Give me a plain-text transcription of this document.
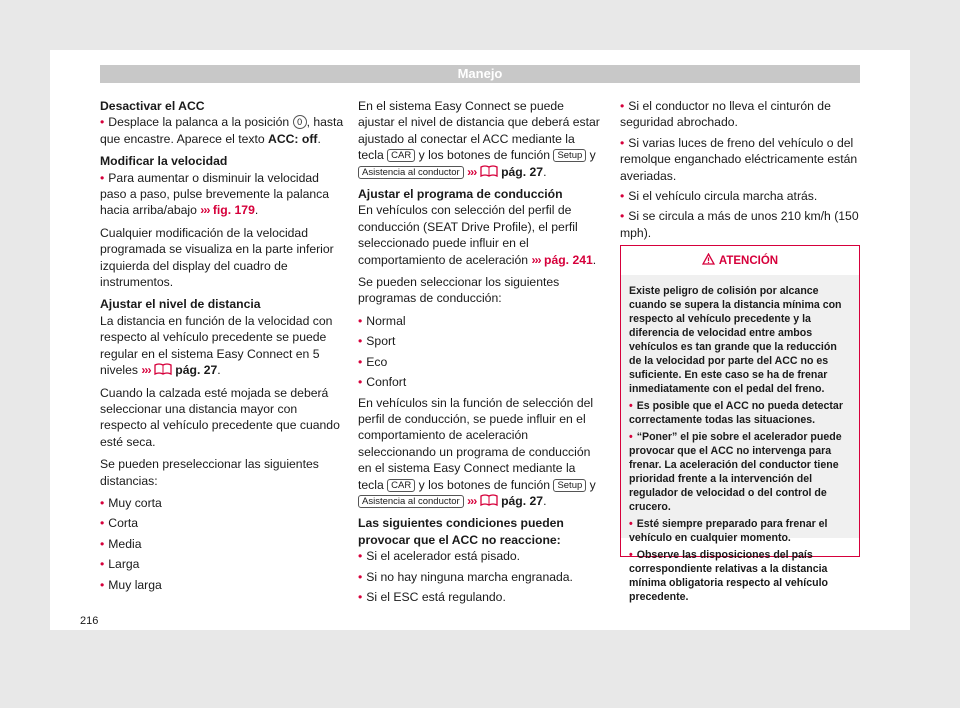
Manejo

Desactivar el ACC

• Desplace la palanca a la posición 0 , hasta que encastre. Aparece el texto ACC: off.

Modificar la velocidad

• Para aumentar o disminuir la velocidad paso a paso, pulse brevemente la palanca hacia arriba/abajo ››› fig. 179.

Cualquier modificación de la velocidad programada se visualiza en la parte inferior izquierda del display del cuadro de instrumentos.

Ajustar el nivel de distancia

La distancia en función de la velocidad con respecto al vehículo precedente se puede regular en el sistema Easy Connect en 5 niveles ››› pág. 27.

Cuando la calzada esté mojada se deberá seleccionar una distancia mayor con respecto al vehículo precedente que cuando esté seca.

Se pueden preseleccionar las siguientes distancias:

• Muy corta

• Corta

• Media

• Larga

• Muy larga

En el sistema Easy Connect se puede ajustar el nivel de distancia que deberá estar ajustado al conectar el ACC mediante la tecla CAR y los botones de función Setup y Asistencia al conductor ››› pág. 27.

Ajustar el programa de conducción

En vehículos con selección del perfil de conducción (SEAT Drive Profile), el perfil seleccionado puede influir en el comportamiento de aceleración ››› pág. 241.

Se pueden seleccionar los siguientes programas de conducción:

• Normal

• Sport

• Eco

• Confort

En vehículos sin la función de selección del perfil de conducción, se puede influir en el comportamiento de aceleración seleccionando un programa de conducción en el sistema Easy Connect mediante la tecla CAR y los botones de función Setup y Asistencia al conductor ››› pág. 27.

Las siguientes condiciones pueden provocar que el ACC no reaccione:

• Si el acelerador está pisado.

• Si no hay ninguna marcha engranada.

• Si el ESC está regulando.

• Si el conductor no lleva el cinturón de seguridad abrochado.

• Si varias luces de freno del vehículo o del remolque enganchado eléctricamente están averiadas.

• Si el vehículo circula marcha atrás.

• Si se circula a más de unos 210 km/h (150 mph).

ATENCIÓN

Existe peligro de colisión por alcance cuando se supera la distancia mínima con respecto al vehículo precedente y la diferencia de velocidad entre ambos vehículos es tan grande que la reducción de la velocidad por parte del ACC no es suficiente. En este caso se ha de frenar inmediatamente con el pedal del freno.

• Es posible que el ACC no pueda detectar correctamente todas las situaciones.

• “Poner” el pie sobre el acelerador puede provocar que el ACC no intervenga para frenar. La aceleración del conductor tiene prioridad frente a la intervención del regulador de velocidad o del control de crucero.

• Esté siempre preparado para frenar el vehículo en cualquier momento.

• Observe las disposiciones del país correspondiente relativas a la distancia mínima obligatoria respecto al vehículo precedente.

216
